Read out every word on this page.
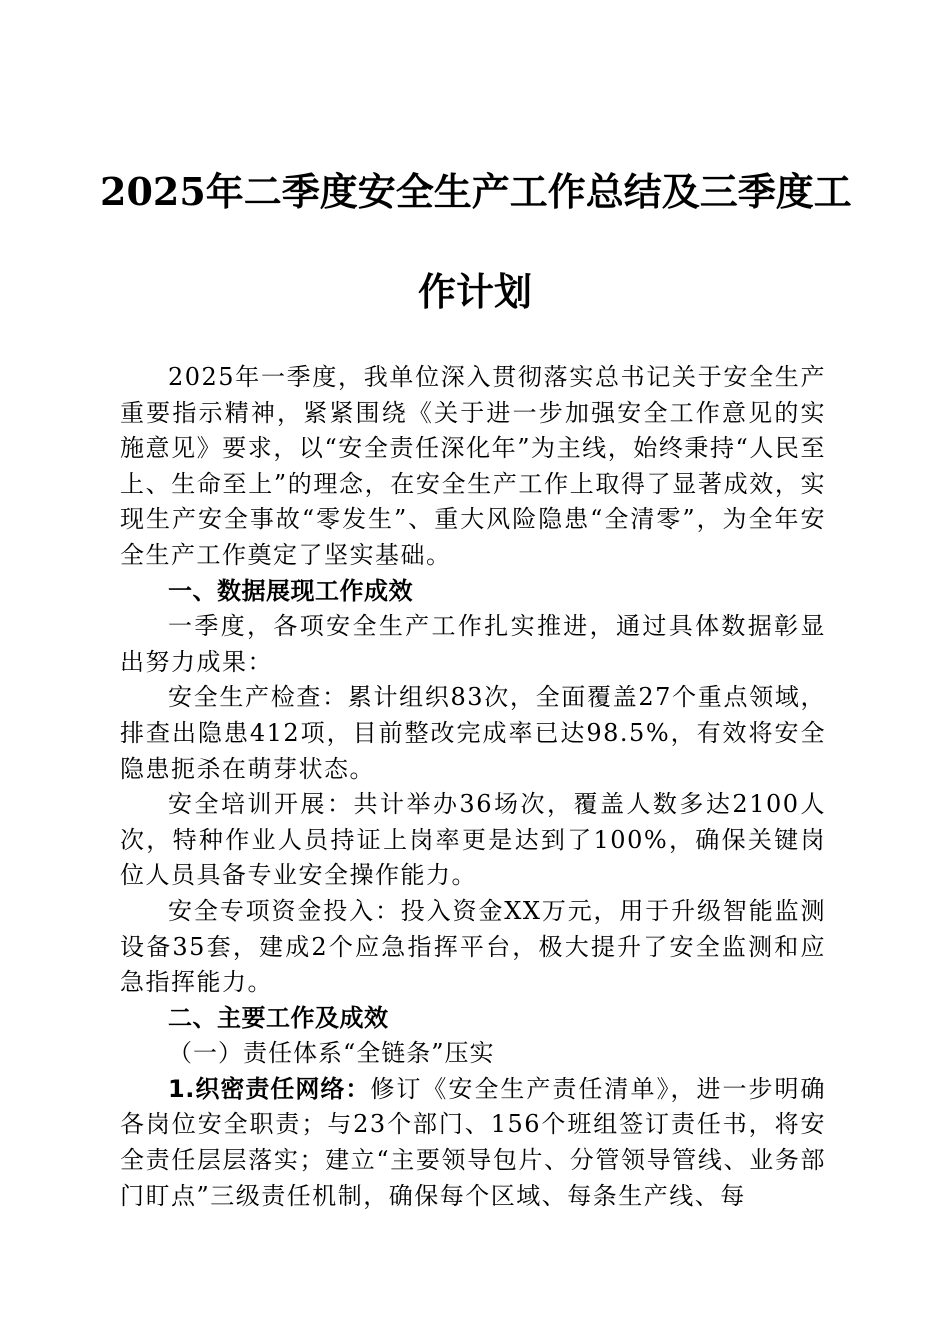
2025年二季度安全生产工作总结及三季度工
作计划

2025年一季度，我单位深入贯彻落实总书记关于安全生产重要指示精神，紧紧围绕《关于进一步加强安全工作意见的实施意见》要求，以“安全责任深化年”为主线，始终秉持“人民至上、生命至上”的理念，在安全生产工作上取得了显著成效，实现生产安全事故“零发生”、重大风险隐患“全清零”，为全年安全生产工作奠定了坚实基础。

一、数据展现工作成效

一季度，各项安全生产工作扎实推进，通过具体数据彰显出努力成果：

安全生产检查：累计组织83次，全面覆盖27个重点领域，排查出隐患412项，目前整改完成率已达98.5%，有效将安全隐患扼杀在萌芽状态。

安全培训开展：共计举办36场次，覆盖人数多达2100人次，特种作业人员持证上岗率更是达到了100%，确保关键岗位人员具备专业安全操作能力。

安全专项资金投入：投入资金XX万元，用于升级智能监测设备35套，建成2个应急指挥平台，极大提升了安全监测和应急指挥能力。

二、主要工作及成效

（一）责任体系“全链条”压实

1.织密责任网络：修订《安全生产责任清单》，进一步明确各岗位安全职责；与23个部门、156个班组签订责任书，将安全责任层层落实；建立“主要领导包片、分管领导管线、业务部门盯点”三级责任机制，确保每个区域、每条生产线、每
